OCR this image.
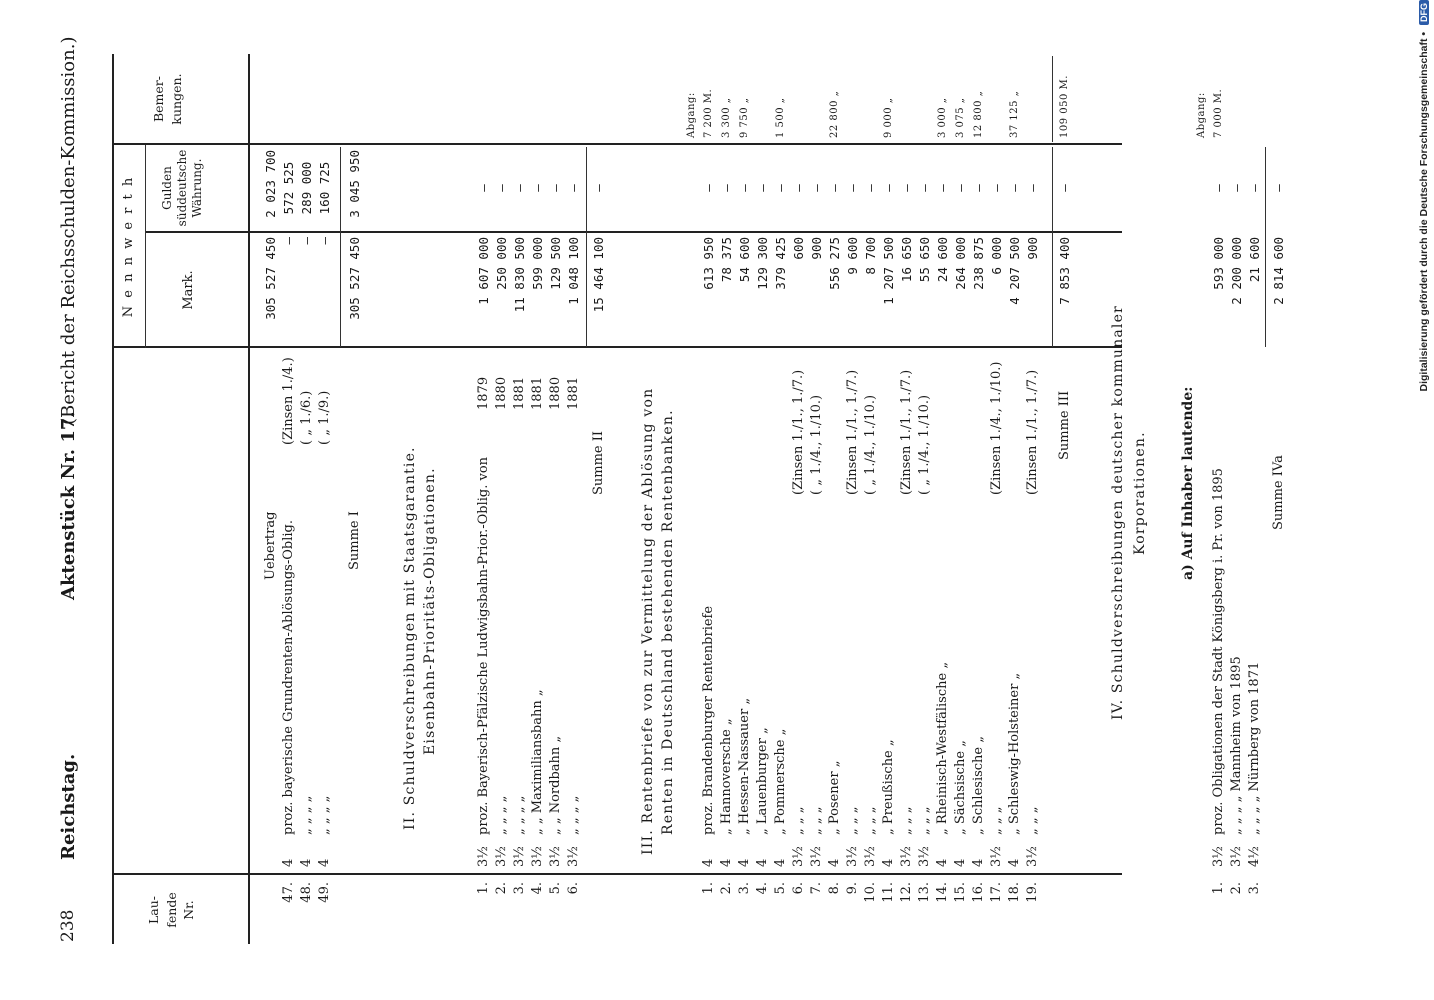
238
Reichstag.
Aktenstück Nr. 17.
(Bericht der Reichsschulden-Kommission.)
Lau-
fende
Nr.
N e n n w e r t h	Mark.
Gulden
süddeutsche
Währung.
Bemer-
kungen.
Uebertrag
305 527 450
2 023 700
47.
4
proz. bayerische Grundrenten-Ablösungs-Oblig.
(Zinsen 1./4.)
—
572 525
48.
4
„ „ „ „
( „ 1./6.)
—
289 000
49.
4
„ „ „ „
( „ 1./9.)
—
160 725
Summe I
305 527 450
3 045 950
II. Schuldverschreibungen mit Staatsgarantie. Eisenbahn-Prioritäts-Obligationen.
1.
3½
proz. Bayerisch-Pfälzische Ludwigsbahn-Prior.-Oblig. von
1879
1 607 000
—
2.
3½
„ „ „ „
1880
250 000
—
3.
3½
„ „ „ „
1881
11 830 500
—
4.
3½
„ „ Maximiliansbahn „
1881
599 000
—
5.
3½
„ „ Nordbahn „
1880
129 500
—
6.
3½
„ „ „ „
1881
1 048 100
—
Summe II
15 464 100
—
III. Rentenbriefe von zur Vermittelung der Ablösung von Renten in Deutschland bestehenden Rentenbanken.
Abgang:
1.
4
proz. Brandenburger Rentenbriefe
613 950
—
7 200 M.
2.
4
„ Hannoversche „
78 375
—
3 300 „
3.
4
„ Hessen-Nassauer „
54 600
—
9 750 „
4.
4
„ Lauenburger „
129 300
—
5.
4
„ Pommersche „
379 425
—
1 500 „
6.
3½
„ „ „
(Zinsen 1./1., 1./7.)
600
—
7.
3½
„ „ „
( „ 1./4., 1./10.)
900
—
8.
4
„ Posener „
556 275
—
22 800 „
9.
3½
„ „ „
(Zinsen 1./1., 1./7.)
9 600
—
10.
3½
„ „ „
( „ 1./4., 1./10.)
8 700
—
11.
4
„ Preußische „
1 207 500
—
9 000 „
12.
3½
„ „ „
(Zinsen 1./1., 1./7.)
16 650
—
13.
3½
„ „ „
( „ 1./4., 1./10.)
55 650
—
14.
4
„ Rheinisch-Westfälische „
24 600
—
3 000 „
15.
4
„ Sächsische „
264 000
—
3 075 „
16.
4
„ Schlesische „
238 875
—
12 800 „
17.
3½
„ „ „
(Zinsen 1./4., 1./10.)
6 000
—
18.
4
„ Schleswig-Holsteiner „
4 207 500
—
37 125 „
19.
3½
„ „ „
(Zinsen 1./1., 1./7.)
900
—
Summe III
7 853 400
—
109 050 M.
IV. Schuldverschreibungen deutscher kommunaler Korporationen. a) Auf Inhaber lautende:
Abgang: 7 000 M.
1.
3½
proz. Obligationen der Stadt Königsberg i. Pr. von 1895
593 000
—
2.
3½
„ „ „ „ Mannheim von 1895
2 200 000
—
3.
4½
„ „ „ „ Nürnberg von 1871
21 600
—
Summe IVa
2 814 600
—	Digitalisierung gefördert durch die Deutsche Forschungsgemeinschaft • DFG
